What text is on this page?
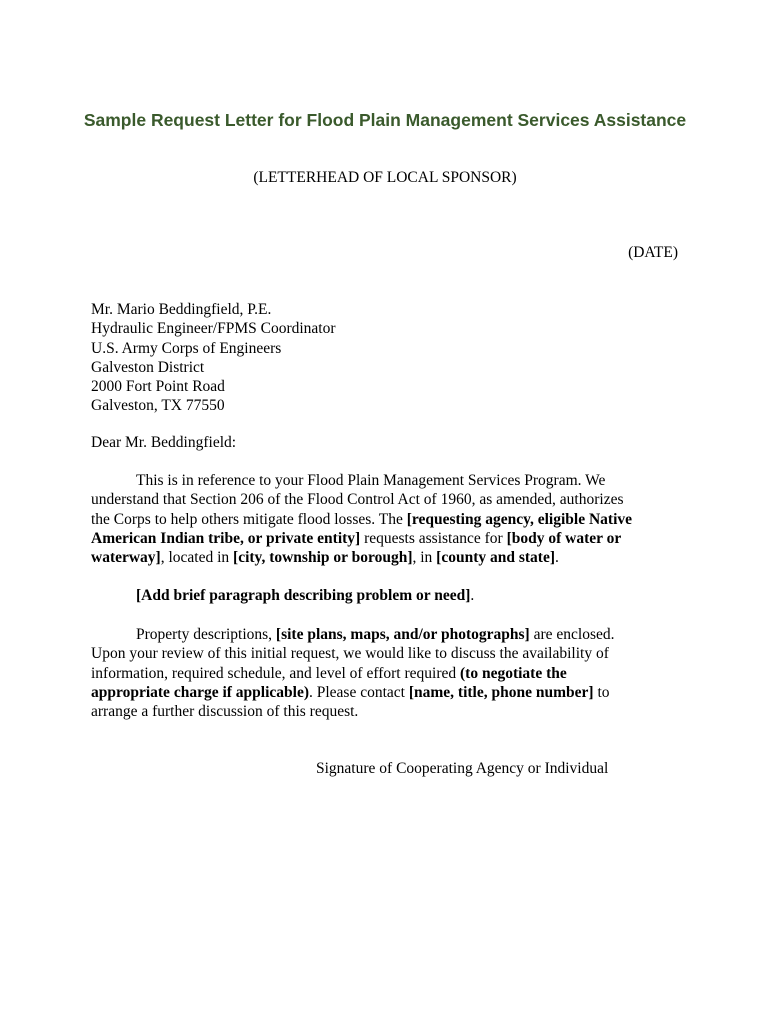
Sample Request Letter for Flood Plain Management Services Assistance
(LETTERHEAD OF LOCAL SPONSOR)
(DATE)
Mr. Mario Beddingfield, P.E.
Hydraulic Engineer/FPMS Coordinator
U.S. Army Corps of Engineers
Galveston District
2000 Fort Point Road
Galveston, TX 77550
Dear Mr. Beddingfield:
This is in reference to your Flood Plain Management Services Program. We
understand that Section 206 of the Flood Control Act of 1960, as amended, authorizes
the Corps to help others mitigate flood losses. The [requesting agency, eligible Native
American Indian tribe, or private entity] requests assistance for [body of water or
waterway], located in [city, township or borough], in [county and state].
[Add brief paragraph describing problem or need].
Property descriptions, [site plans, maps, and/or photographs] are enclosed.
Upon your review of this initial request, we would like to discuss the availability of
information, required schedule, and level of effort required (to negotiate the
appropriate charge if applicable). Please contact [name, title, phone number] to
arrange a further discussion of this request.
Signature of Cooperating Agency or Individual
